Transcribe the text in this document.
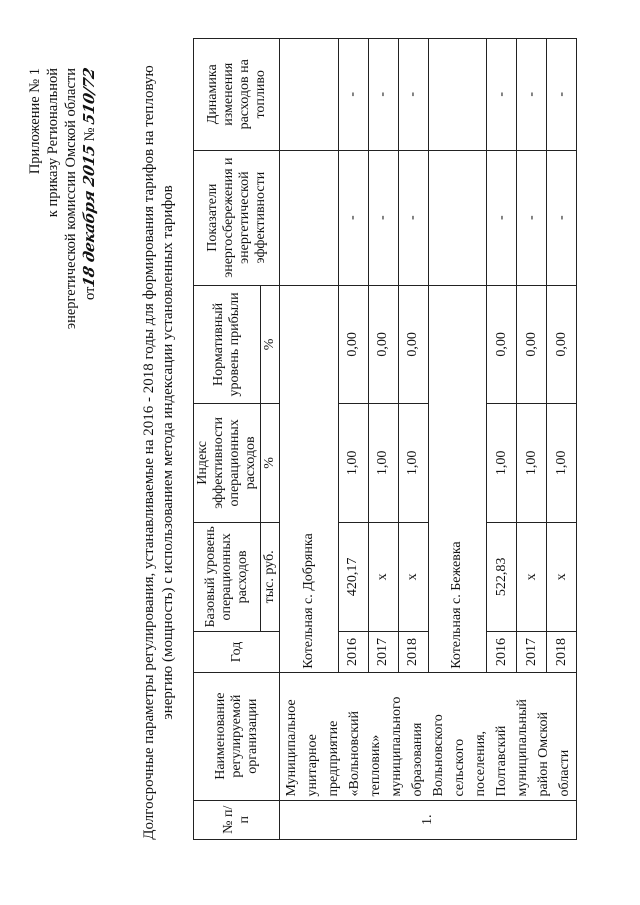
Приложение № 1 к приказу Региональной энергетической комиссии Омской области от18 декабря 2015 № 510/72	Долгосрочные параметры регулирования, устанавливаемые на 2016 - 2018 годы для формирования тарифов на тепловую энергию (мощность) с использованием метода индексации установленных тарифов
№ п/п	Наименование регулируемой организации	Год	Базовый уровень операционных расходов	Индекс эффективности операционных расходов	Нормативный уровень прибыли	Показатели энергосбережения и энергетической эффективности	Динамика изменения расходов на топливо
			тыс. руб.	%	%		
1.	Муниципальное унитарное предприятие «Вольновский тепловик» муниципального образования Вольновского сельского поселения, Полтавский муниципальный район Омской области	Котельная с. Добрянка					
		2016	420,17	1,00	0,00	-	-
		2017	х	1,00	0,00	-	-
		2018	х	1,00	0,00	-	-
		Котельная с. Бежевка					
		2016	522,83	1,00	0,00	-	-
		2017	х	1,00	0,00	-	-
		2018	х	1,00	0,00	-	-
